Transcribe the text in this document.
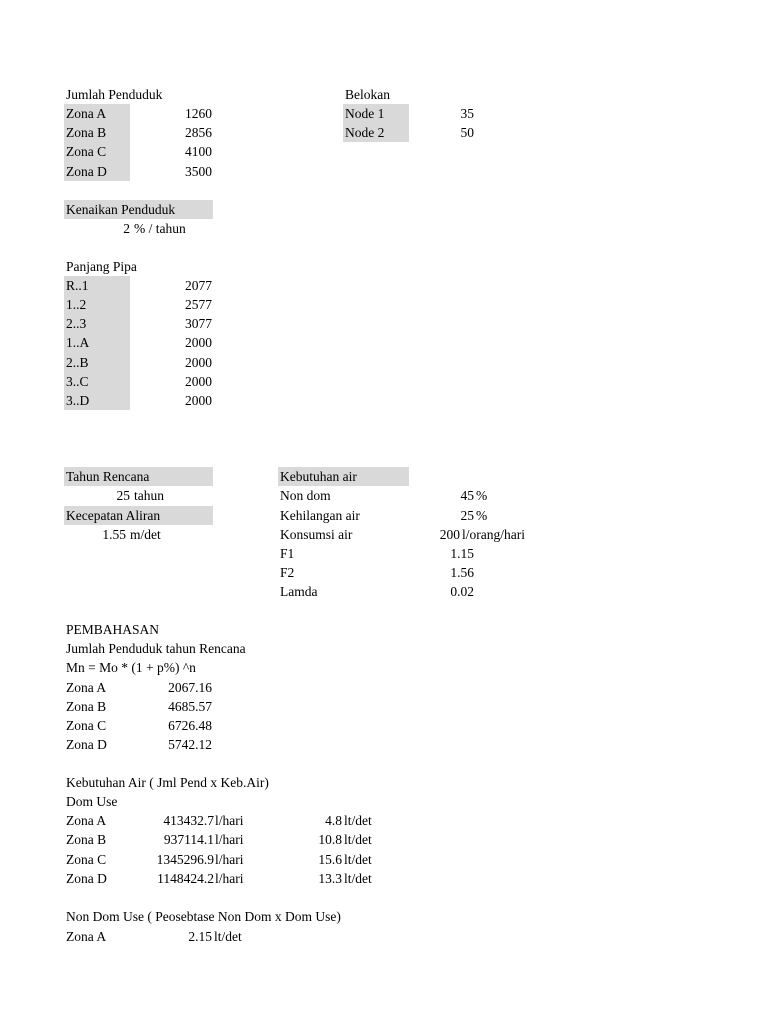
Jumlah Penduduk
Zona A	1260
Zona B	2856
Zona C	4100
Zona D	3500
Belokan
Node 1	35
Node 2	50
Kenaikan Penduduk
2 % / tahun
Panjang Pipa
R..1	2077
1..2	2577
2..3	3077
1..A	2000
2..B	2000
3..C	2000
3..D	2000
Tahun Rencana
25 tahun
Kecepatan Aliran
1.55 m/det
Kebutuhan air
Non dom	45 %
Kehilangan air	25 %
Konsumsi air	200 l/orang/hari
F1	1.15
F2	1.56
Lamda	0.02
PEMBAHASAN
Jumlah Penduduk tahun Rencana
Mn = Mo * (1 + p%) ^n
Zona A	2067.16
Zona B	4685.57
Zona C	6726.48
Zona D	5742.12
Kebutuhan Air ( Jml Pend x Keb.Air)
Dom Use
Zona A	413432.7 l/hari	4.8 lt/det
Zona B	937114.1 l/hari	10.8 lt/det
Zona C	1345296.9 l/hari	15.6 lt/det
Zona D	1148424.2 l/hari	13.3 lt/det
Non Dom Use ( Peosebtase Non Dom x Dom Use)
Zona A	2.15 lt/det
